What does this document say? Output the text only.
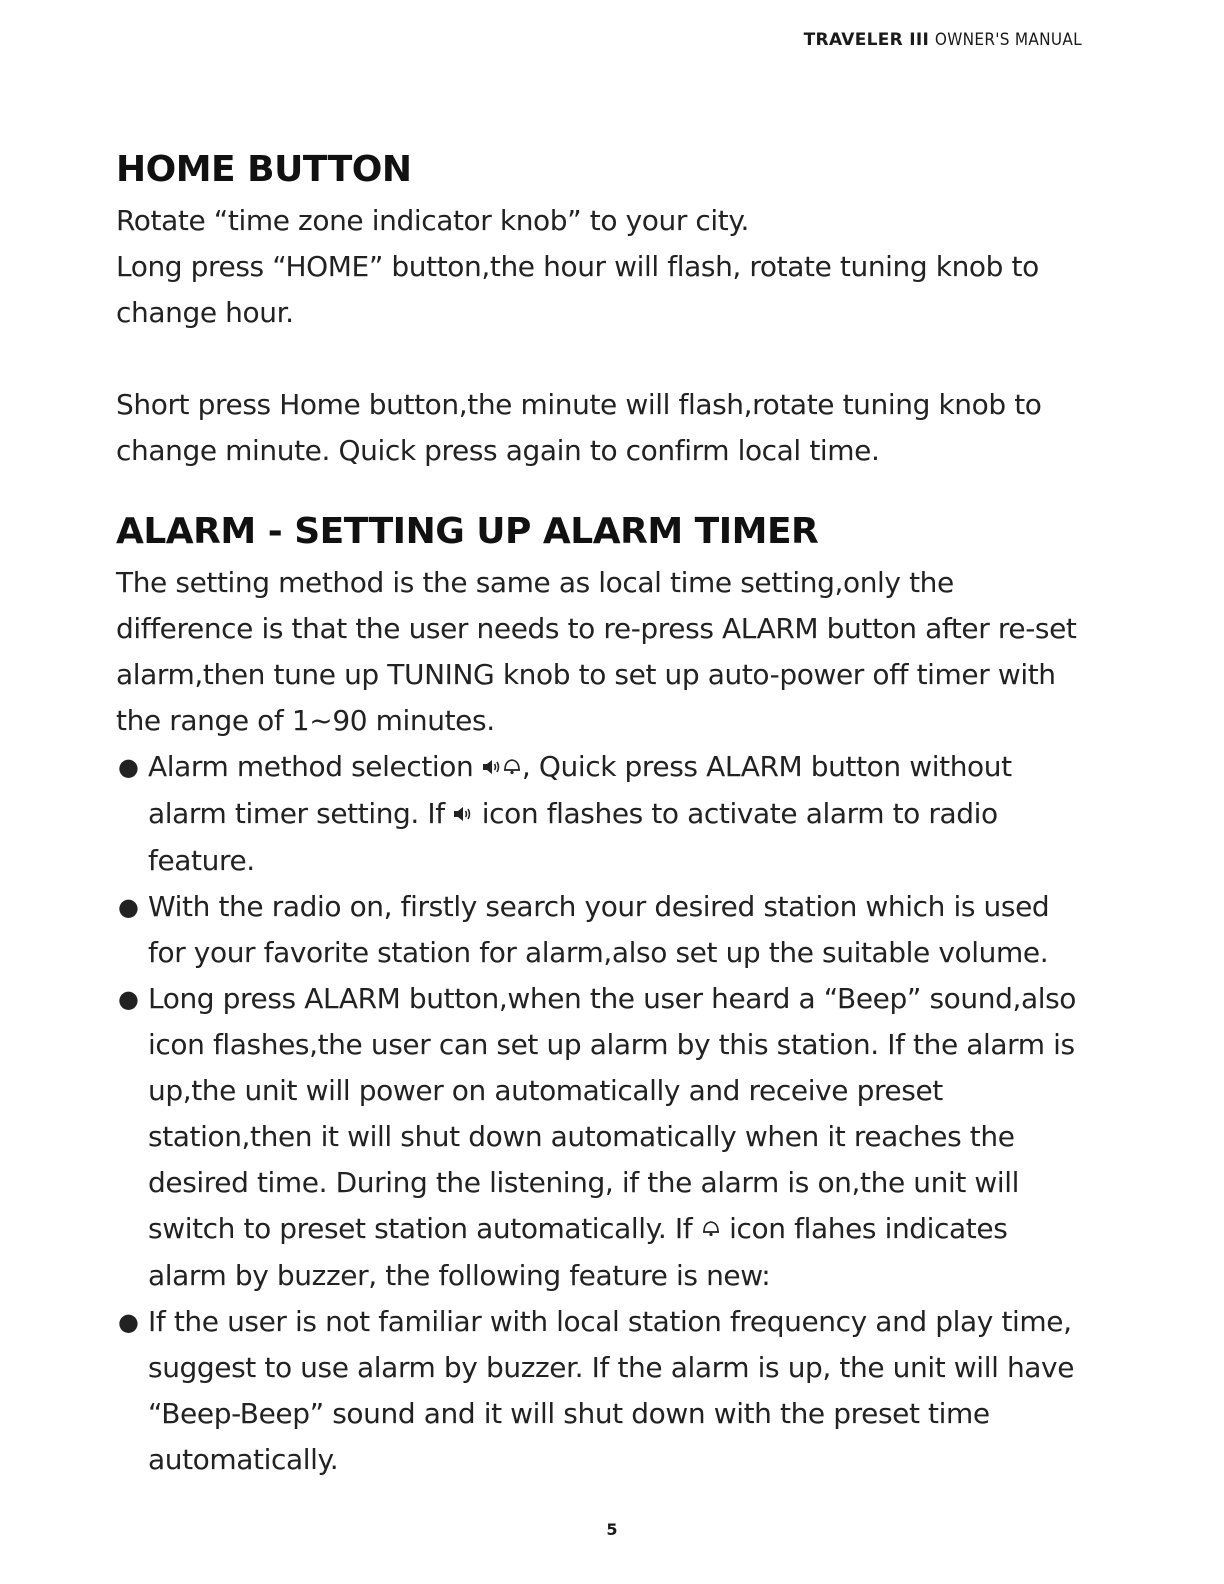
TRAVELER III OWNER'S MANUAL
HOME BUTTON

Rotate “time zone indicator knob” to your city.

Long press “HOME” button,the hour will flash, rotate tuning knob to change hour.

Short press Home button,the minute will flash,rotate tuning knob to change minute. Quick press again to confirm local time.

ALARM - SETTING UP ALARM TIMER

The setting method is the same as local time setting,only the difference is that the user needs to re-press ALARM button after re-set alarm,then tune up TUNING knob to set up auto-power off timer with the range of 1~90 minutes.

● Alarm method selection , Quick press ALARM button without alarm timer setting. If  icon flashes to activate alarm to radio feature.
● With the radio on, firstly search your desired station which is used for your favorite station for alarm,also set up the suitable volume.
● Long press ALARM button,when the user heard a “Beep” sound,also icon flashes,the user can set up alarm by this station. If the alarm is up,the unit will power on automatically and receive preset station,then it will shut down automatically when it reaches the desired time. During the listening, if the alarm is on,the unit will switch to preset station automatically. If  icon flahes indicates alarm by buzzer, the following feature is new:
● If the user is not familiar with local station frequency and play time, suggest to use alarm by buzzer. If the alarm is up, the unit will have “Beep-Beep” sound and it will shut down with the preset time automatically.
5
